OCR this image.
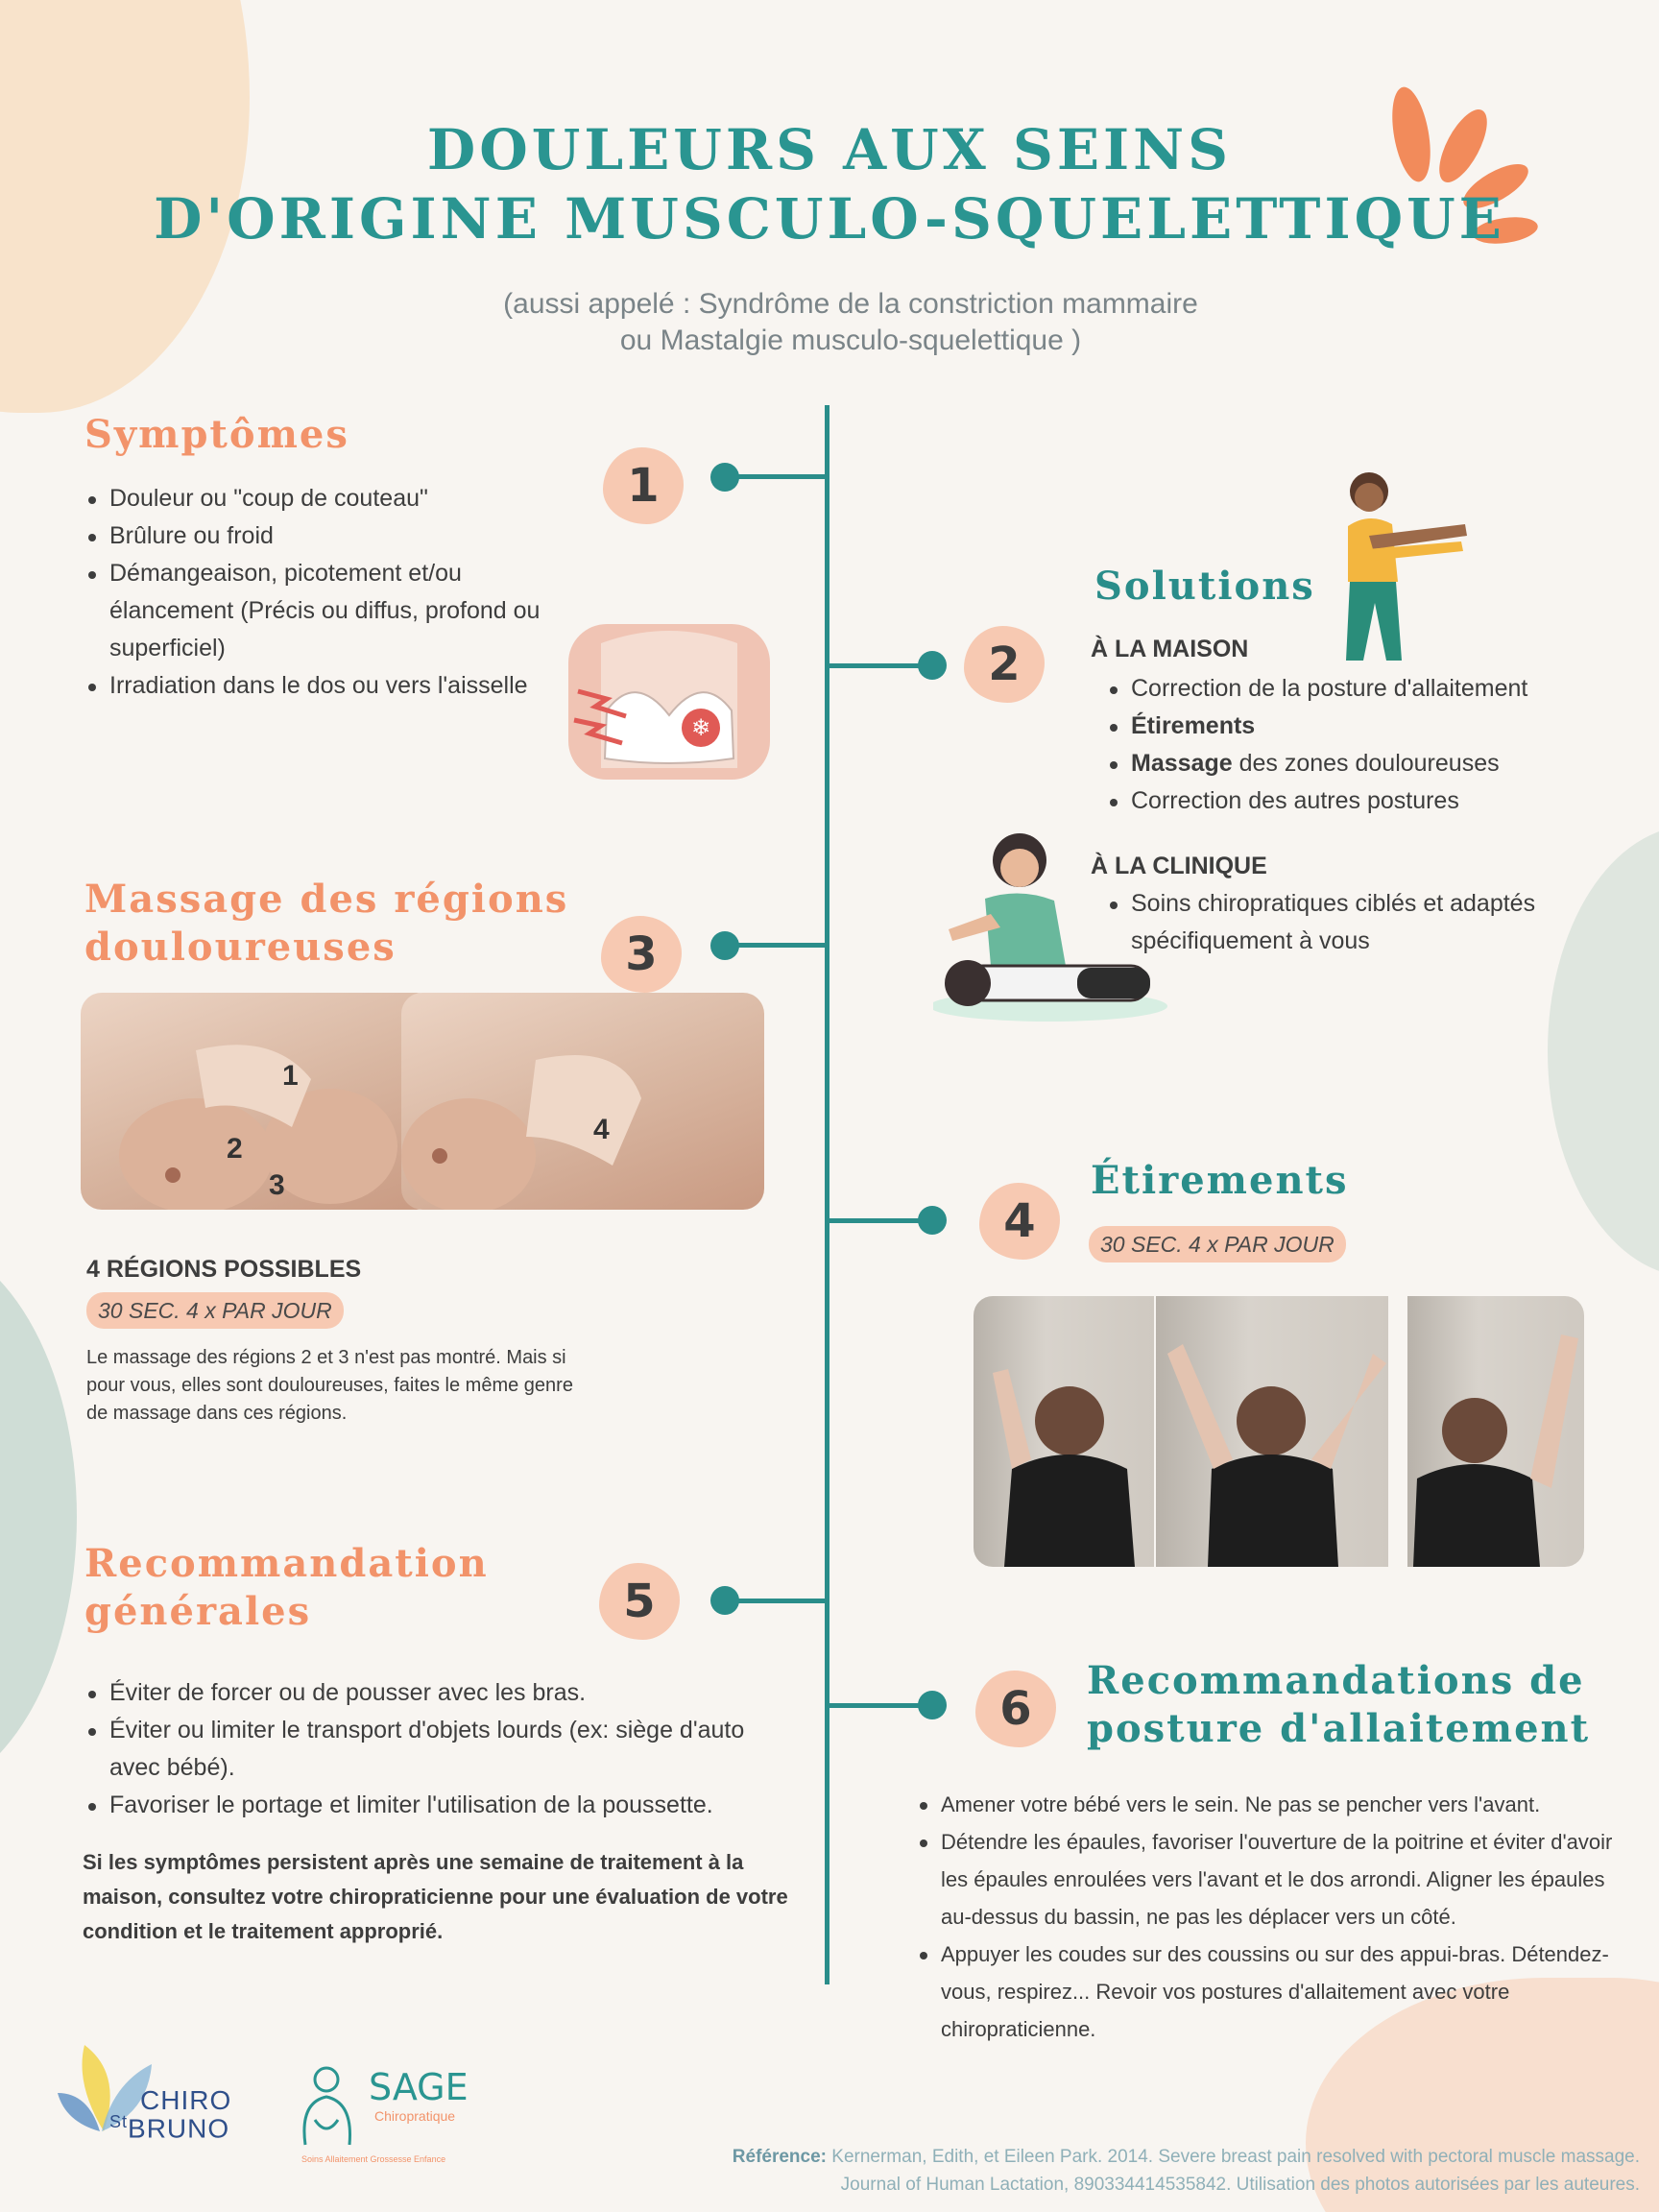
DOULEURS AUX SEINS
D'ORIGINE MUSCULO-SQUELETTIQUE
(aussi appelé : Syndrôme de la constriction mammaire
ou Mastalgie musculo-squelettique )
1
2
3
4
5
6
Symptômes
Douleur ou "coup de couteau"
Brûlure ou froid
Démangeaison, picotement et/ou élancement (Précis ou diffus, profond ou superficiel)
Irradiation dans le dos ou vers l'aisselle
❄
Solutions
À LA MAISON
Correction de la posture d'allaitement
Étirements
Massage des zones douloureuses
Correction des autres postures
À LA CLINIQUE
Soins chiropratiques ciblés et adaptés spécifiquement à vous
Massage des régions
douloureuses
1
2
3
4
4 RÉGIONS POSSIBLES
30 SEC. 4 x PAR JOUR
Le massage des régions 2 et 3 n'est pas montré. Mais si pour vous, elles sont douloureuses, faites le même genre de massage dans ces régions.
Étirements
30 SEC. 4 x PAR JOUR
Recommandation
générales
Éviter de forcer ou de pousser avec les bras.
Éviter ou limiter le transport d'objets lourds (ex: siège d'auto avec bébé).
Favoriser le portage et limiter l'utilisation de la poussette.
Si les symptômes persistent après une semaine de traitement à la maison, consultez votre chiropraticienne pour une évaluation de votre condition et le traitement approprié.
Recommandations de
posture d'allaitement
Amener votre bébé vers le sein. Ne pas se pencher vers l'avant.
Détendre les épaules, favoriser l'ouverture de la poitrine et éviter d'avoir les épaules enroulées vers l'avant et le dos arrondi. Aligner les épaules au-dessus du bassin, ne pas les déplacer vers un côté.
Appuyer les coudes sur des coussins ou sur des appui-bras. Détendez-vous, respirez... Revoir vos postures d'allaitement avec votre chiropraticienne.
CHIRO
$^{St}$BRUNO
SAGE
Chiropratique
Soins Allaitement Grossesse Enfance	Référence: Kernerman, Edith, et Eileen Park. 2014. Severe breast pain resolved with pectoral muscle massage.
Journal of Human Lactation, 890334414535842. Utilisation des photos autorisées par les auteures.
